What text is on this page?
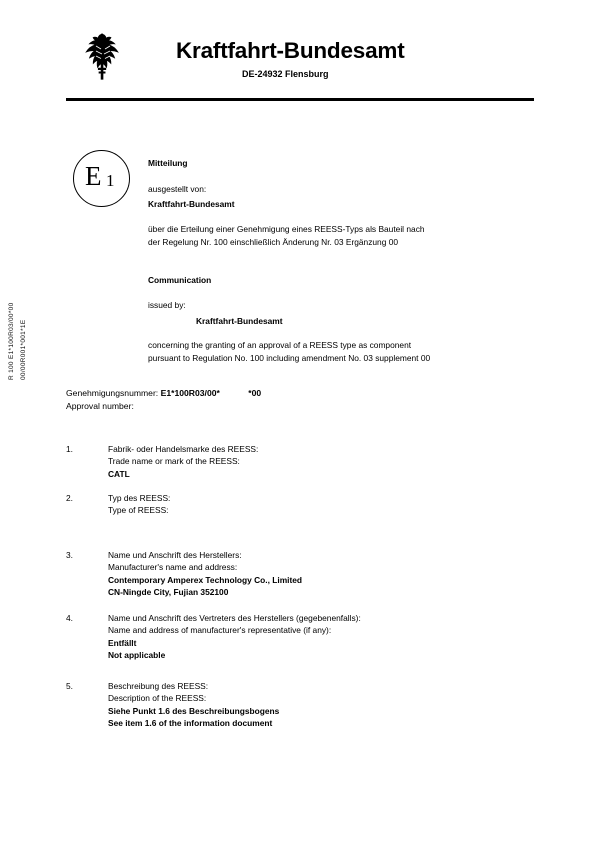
R 100 E1*100R03/00*00 00/00R001*001*1E
Kraftfahrt-Bundesamt
DE-24932 Flensburg
E 1
Mitteilung
ausgestellt von:
Kraftfahrt-Bundesamt
über die Erteilung einer Genehmigung eines REESS-Typs als Bauteil nach
der Regelung Nr. 100 einschließlich Änderung Nr. 03 Ergänzung 00
Communication
issued by:
Kraftfahrt-Bundesamt
concerning the granting of an approval of a REESS type as component
pursuant to Regulation No. 100 including amendment No. 03 supplement 00
Genehmigungsnummer: E1*100R03/00*	*00
Approval number:
1.	Fabrik- oder Handelsmarke des REESS:
Trade name or mark of the REESS:
CATL
2.	Typ des REESS:
Type of REESS:
3.	Name und Anschrift des Herstellers:
Manufacturer's name and address:
Contemporary Amperex Technology Co., Limited
CN-Ningde City, Fujian 352100
4.	Name und Anschrift des Vertreters des Herstellers (gegebenenfalls):
Name and address of manufacturer's representative (if any):
Entfällt
Not applicable
5.	Beschreibung des REESS:
Description of the REESS:
Siehe Punkt 1.6 des Beschreibungsbogens
See item 1.6 of the information document
